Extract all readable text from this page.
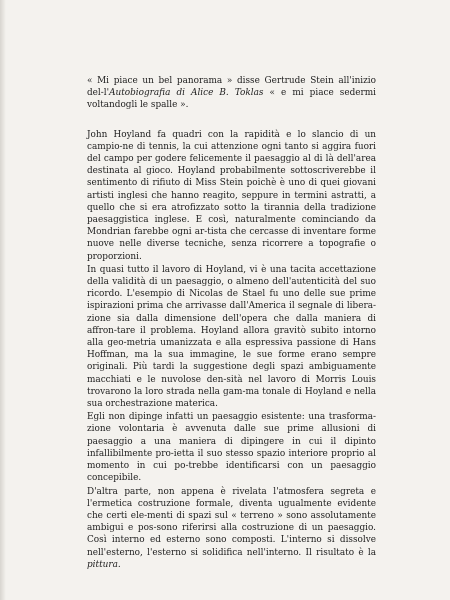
« Mi piace un bel panorama » disse Gertrude Stein all'inizio del-l'Autobiografia di Alice B. Toklas « e mi piace sedermi voltandogli le spalle ».

John Hoyland fa quadri con la rapidità e lo slancio di un campio-ne di tennis, la cui attenzione ogni tanto si aggira fuori del campo per godere felicemente il paesaggio al di là dell'area destinata al gioco. Hoyland probabilmente sottoscriverebbe il sentimento di rifiuto di Miss Stein poichè è uno di quei giovani artisti inglesi che hanno reagito, seppure in termini astratti, a quello che si era atrofizzato sotto la tirannia della tradizione paesaggistica inglese. E così, naturalmente cominciando da Mondrian farebbe ogni ar-tista che cercasse di inventare forme nuove nelle diverse tecniche, senza ricorrere a topografie o proporzioni.

In quasi tutto il lavoro di Hoyland, vi è una tacita accettazione della validità di un paesaggio, o almeno dell'autenticità del suo ricordo. L'esempio di Nicolas de Stael fu uno delle sue prime ispirazioni prima che arrivasse dall'America il segnale di libera-zione sia dalla dimensione dell'opera che dalla maniera di affron-tare il problema. Hoyland allora gravitò subito intorno alla geo-metria umanizzata e alla espressiva passione di Hans Hoffman, ma la sua immagine, le sue forme erano sempre originali. Più tardi la suggestione degli spazi ambiguamente macchiati e le nuvolose den-sità nel lavoro di Morris Louis trovarono la loro strada nella gam-ma tonale di Hoyland e nella sua orchestrazione materica.

Egli non dipinge infatti un paesaggio esistente: una trasforma-zione volontaria è avvenuta dalle sue prime allusioni di paesaggio a una maniera di dipingere in cui il dipinto infallibilmente pro-ietta il suo stesso spazio interiore proprio al momento in cui po-trebbe identificarsi con un paesaggio concepibile.

D'altra parte, non appena è rivelata l'atmosfera segreta e l'ermetica costruzione formale, diventa ugualmente evidente che certi ele-menti di spazi sul « terreno » sono assolutamente ambigui e pos-sono riferirsi alla costruzione di un paesaggio. Così interno ed esterno sono composti. L'interno si dissolve nell'esterno, l'esterno si solidifica nell'interno. Il risultato è la pittura.
